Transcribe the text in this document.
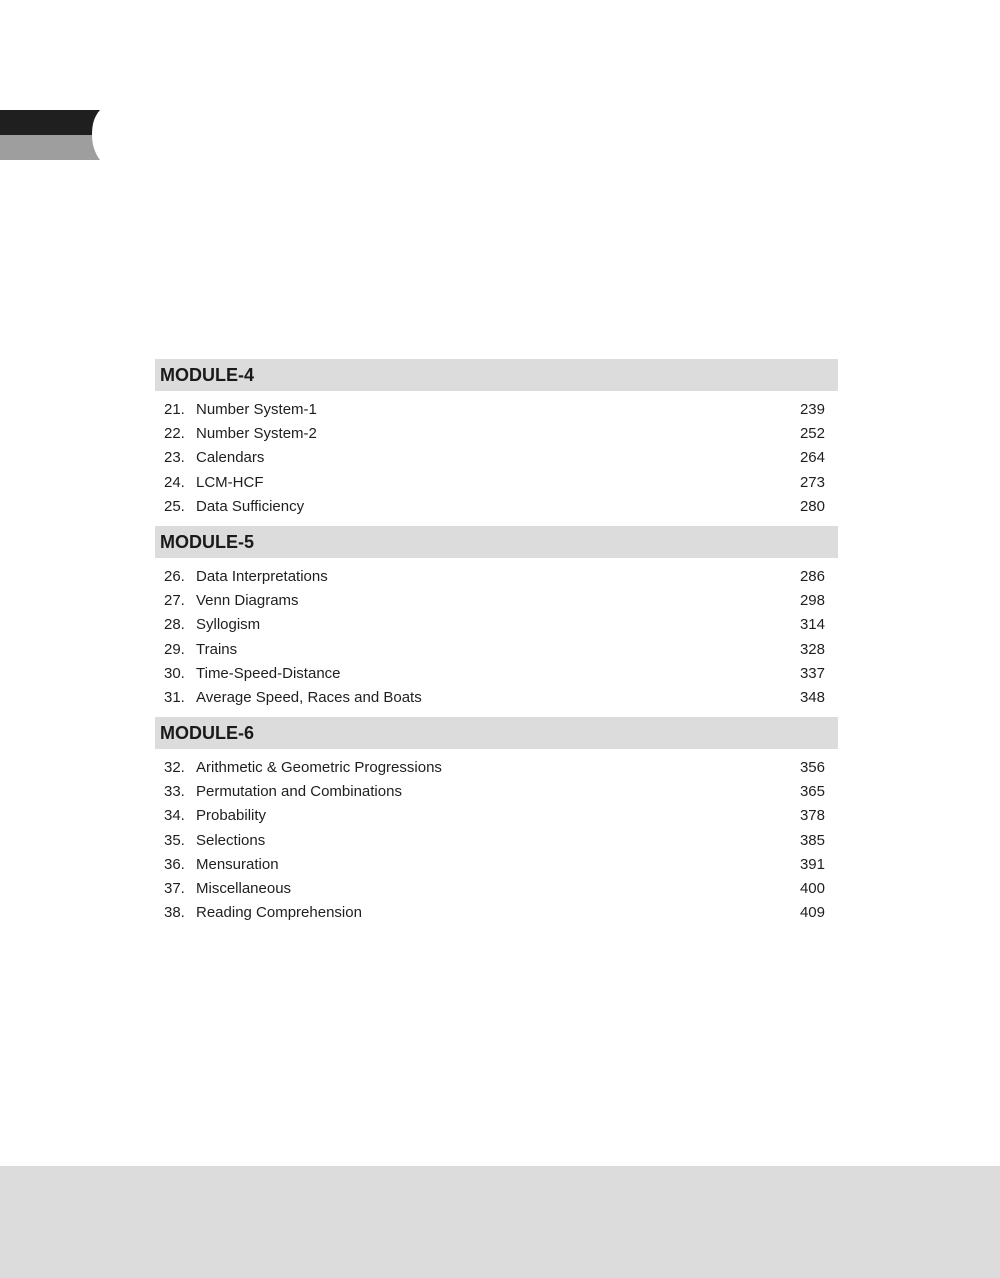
MODULE-4
21. Number System-1	239
22. Number System-2	252
23. Calendars	264
24. LCM-HCF	273
25. Data Sufficiency	280
MODULE-5
26. Data Interpretations	286
27. Venn Diagrams	298
28. Syllogism	314
29. Trains	328
30. Time-Speed-Distance	337
31. Average Speed, Races and Boats	348
MODULE-6
32. Arithmetic & Geometric Progressions	356
33. Permutation and Combinations	365
34. Probability	378
35. Selections	385
36. Mensuration	391
37. Miscellaneous	400
38. Reading Comprehension	409
